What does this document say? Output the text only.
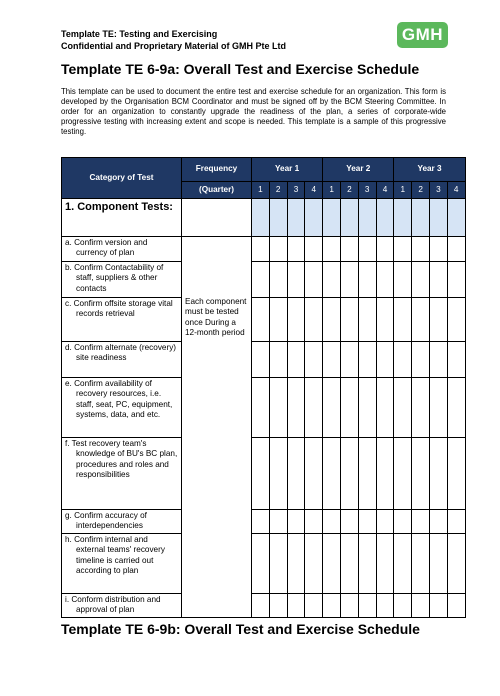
Template TE: Testing and Exercising
Confidential and Proprietary Material of GMH Pte Ltd
GMH
Template TE 6-9a: Overall Test and Exercise Schedule
This template can be used to document the entire test and exercise schedule for an organization. This form is developed by the Organisation BCM Coordinator and must be signed off by the BCM Steering Committee. In order for an organization to constantly upgrade the readiness of the plan, a series of corporate-wide progressive testing with increasing extent and scope is needed. This template is a sample of this progressive testing.
Category of Test	Frequency	Year 1				Year 2				Year 3			
	(Quarter)	1	2	3	4	1	2	3	4	1	2	3	4
1. Component Tests:													

a. Confirm version and currency of plan	Each component must be tested once During a 12-month period												

b. Confirm Contactability of staff, suppliers & other contacts													

c. Confirm offsite storage vital records retrieval													

d. Confirm alternate (recovery) site readiness													

e. Confirm availability of recovery resources, i.e. staff, seat, PC, equipment, systems, data, and etc.													

f. Test recovery team's knowledge of BU's BC plan, procedures and roles and responsibilities													

g. Confirm accuracy of interdependencies													

h. Confirm internal and external teams' recovery timeline is carried out according to plan													

i. Conform distribution and approval of plan													

Template TE 6-9b: Overall Test and Exercise Schedule
